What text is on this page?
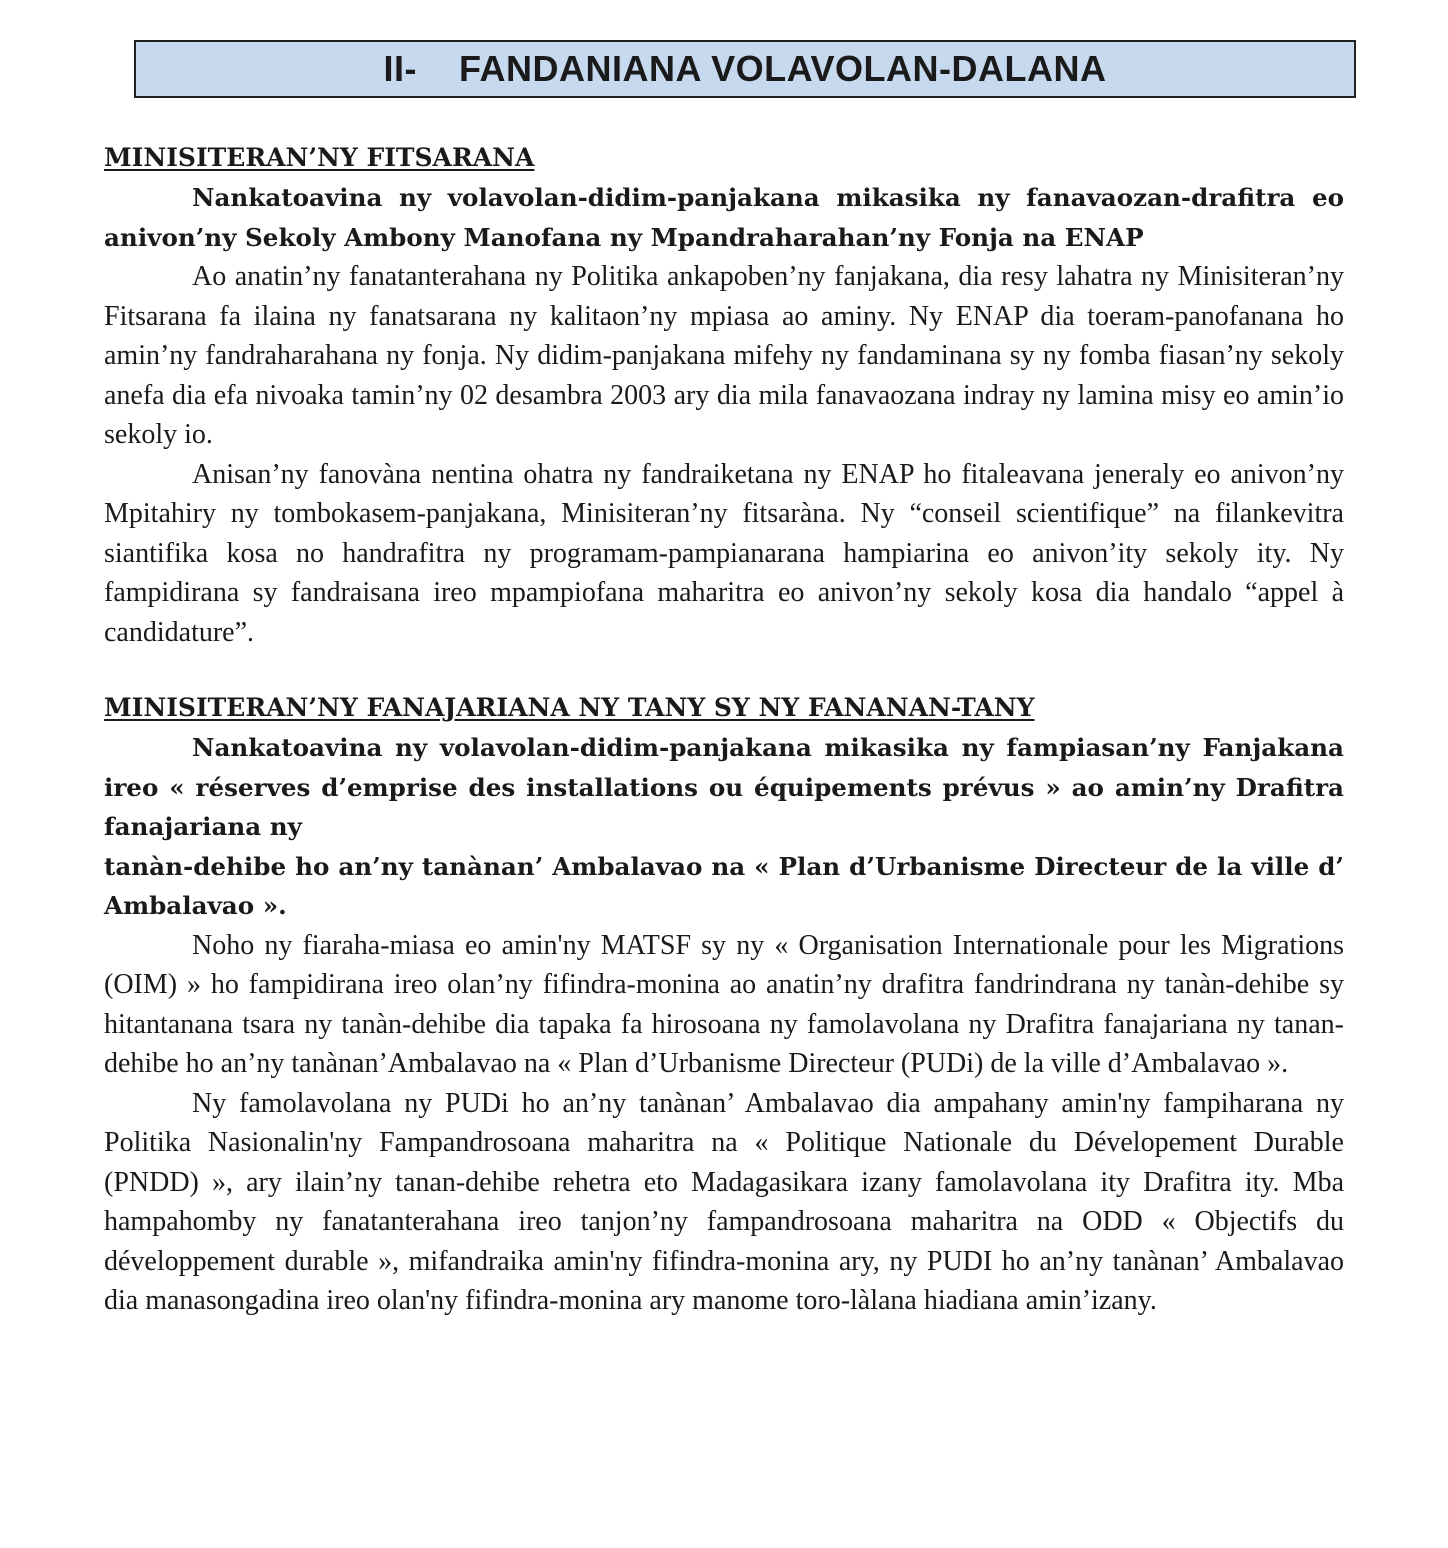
II- FANDANIANA VOLAVOLAN-DALANA

MINISITERAN’NY FITSARANA

Nankatoavina ny volavolan-didim-panjakana mikasika ny fanavaozan-drafitra eo anivon’ny Sekoly Ambony Manofana ny Mpandraharahan’ny Fonja na ENAP

Ao anatin’ny fanatanterahana ny Politika ankapoben’ny fanjakana, dia resy lahatra ny Minisiteran’ny Fitsarana fa ilaina ny fanatsarana ny kalitaon’ny mpiasa ao aminy. Ny ENAP dia toeram-panofanana ho amin’ny fandraharahana ny fonja. Ny didim-panjakana mifehy ny fandaminana sy ny fomba fiasan’ny sekoly anefa dia efa nivoaka tamin’ny 02 desambra 2003 ary dia mila fanavaozana indray ny lamina misy eo amin’io sekoly io.

Anisan’ny fanovàna nentina ohatra ny fandraiketana ny ENAP ho fitaleavana jeneraly eo anivon’ny Mpitahiry ny tombokasem-panjakana, Minisiteran’ny fitsaràna. Ny “conseil scientifique” na filankevitra siantifika kosa no handrafitra ny programam-pampianarana hampiarina eo anivon’ity sekoly ity. Ny fampidirana sy fandraisana ireo mpampiofana maharitra eo anivon’ny sekoly kosa dia handalo “appel à candidature”.

MINISITERAN’NY FANAJARIANA NY TANY SY NY FANANAN-TANY

Nankatoavina ny volavolan-didim-panjakana mikasika ny fampiasan’ny Fanjakana ireo « réserves d’emprise des installations ou équipements prévus » ao amin’ny Drafitra fanajariana ny

tanàn-dehibe ho an’ny tanànan’ Ambalavao na « Plan d’Urbanisme Directeur de la ville d’ Ambalavao ».

Noho ny fiaraha-miasa eo amin'ny MATSF sy ny « Organisation Internationale pour les Migrations (OIM) » ho fampidirana ireo olan’ny fifindra-monina ao anatin’ny drafitra fandrindrana ny tanàn-dehibe sy hitantanana tsara ny tanàn-dehibe dia tapaka fa hirosoana ny famolavolana ny Drafitra fanajariana ny tanan-dehibe ho an’ny tanànan’Ambalavao na « Plan d’Urbanisme Directeur (PUDi) de la ville d’Ambalavao ».

Ny famolavolana ny PUDi ho an’ny tanànan’ Ambalavao dia ampahany amin'ny fampiharana ny Politika Nasionalin'ny Fampandrosoana maharitra na « Politique Nationale du Dévelopement Durable (PNDD) », ary ilain’ny tanan-dehibe rehetra eto Madagasikara izany famolavolana ity Drafitra ity. Mba hampahomby ny fanatanterahana ireo tanjon’ny fampandrosoana maharitra na ODD « Objectifs du développement durable », mifandraika amin'ny fifindra-monina ary, ny PUDI ho an’ny tanànan’ Ambalavao dia manasongadina ireo olan'ny fifindra-monina ary manome toro-làlana hiadiana amin’izany.
